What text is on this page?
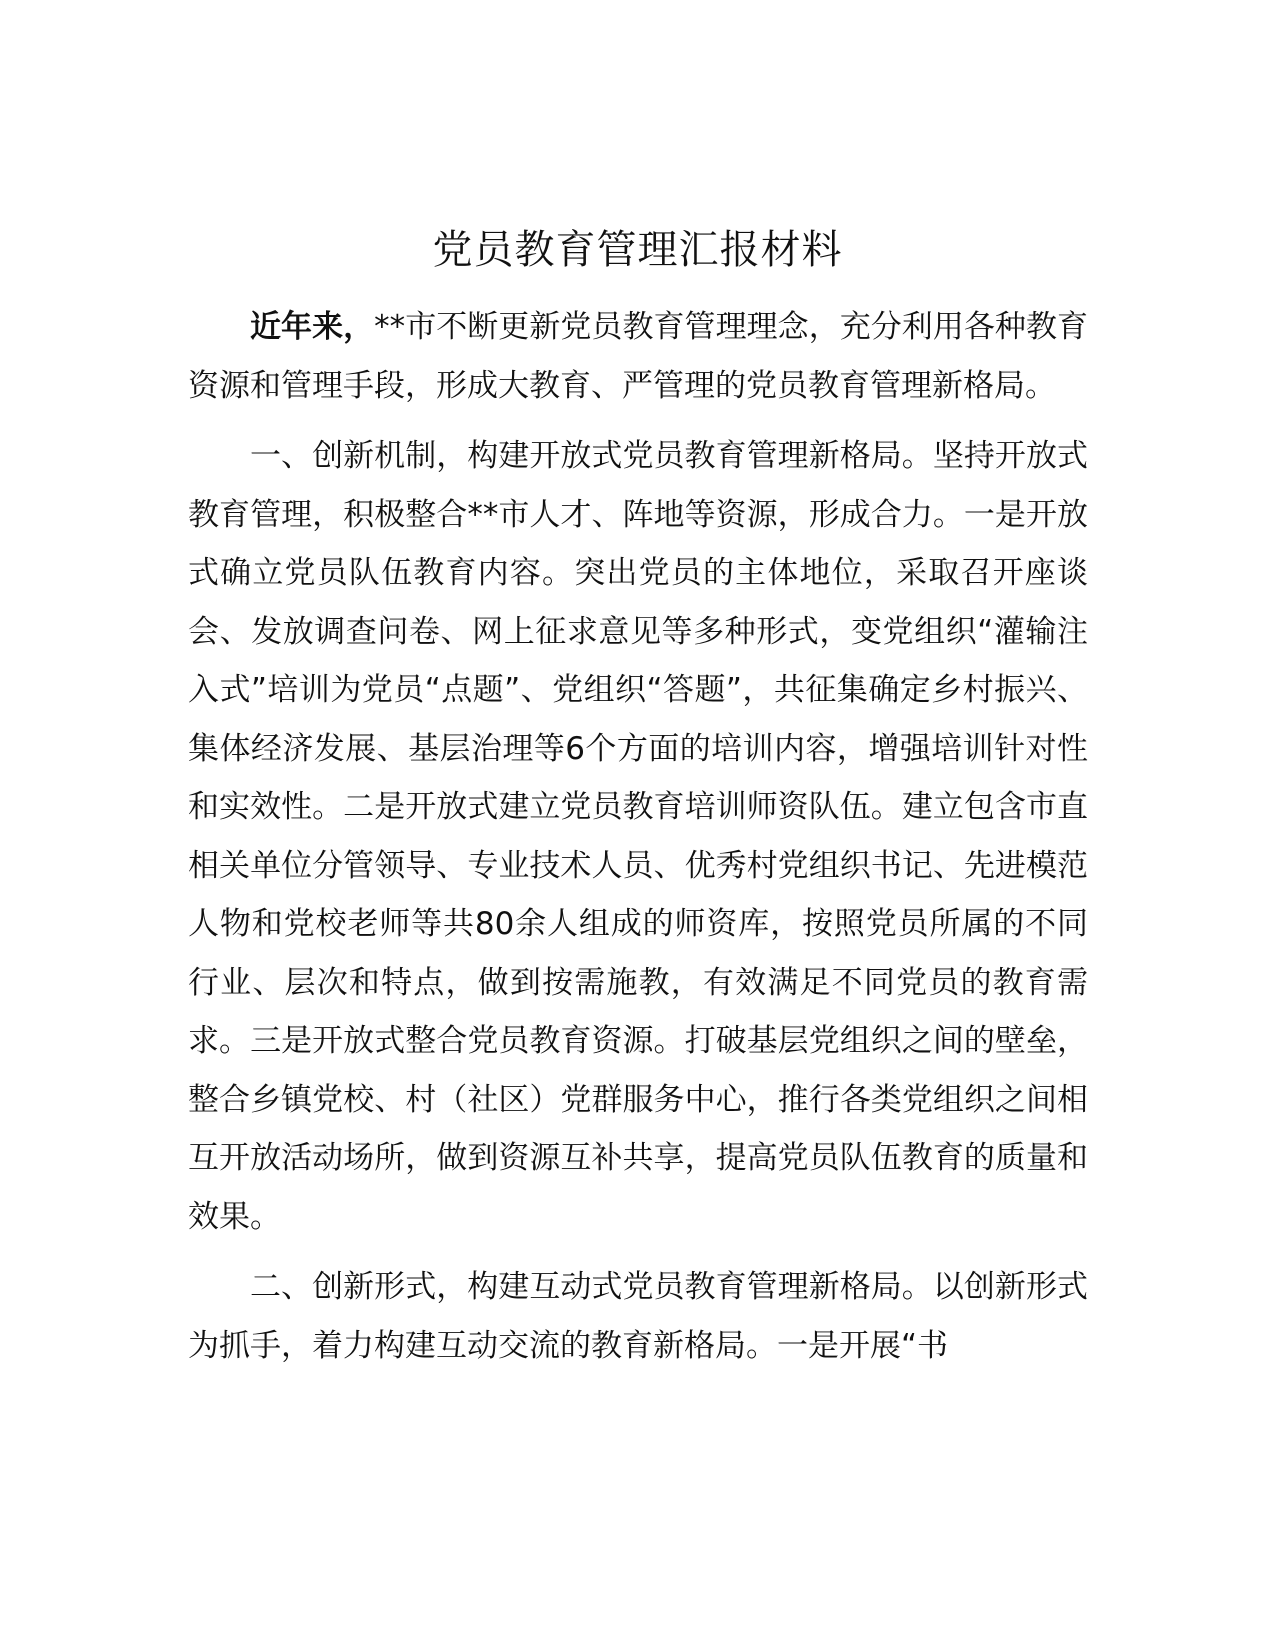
党员教育管理汇报材料

近年来，**市不断更新党员教育管理理念，充分利用各种教育资源和管理手段，形成大教育、严管理的党员教育管理新格局。

一、创新机制，构建开放式党员教育管理新格局。坚持开放式教育管理，积极整合**市人才、阵地等资源，形成合力。一是开放式确立党员队伍教育内容。突出党员的主体地位，采取召开座谈会、发放调查问卷、网上征求意见等多种形式，变党组织“灌输注入式”培训为党员“点题”、党组织“答题”，共征集确定乡村振兴、集体经济发展、基层治理等6个方面的培训内容，增强培训针对性和实效性。二是开放式建立党员教育培训师资队伍。建立包含市直相关单位分管领导、专业技术人员、优秀村党组织书记、先进模范人物和党校老师等共80余人组成的师资库，按照党员所属的不同行业、层次和特点，做到按需施教，有效满足不同党员的教育需求。三是开放式整合党员教育资源。打破基层党组织之间的壁垒，整合乡镇党校、村（社区）党群服务中心，推行各类党组织之间相互开放活动场所，做到资源互补共享，提高党员队伍教育的质量和效果。

二、创新形式，构建互动式党员教育管理新格局。以创新形式为抓手，着力构建互动交流的教育新格局。一是开展“书
